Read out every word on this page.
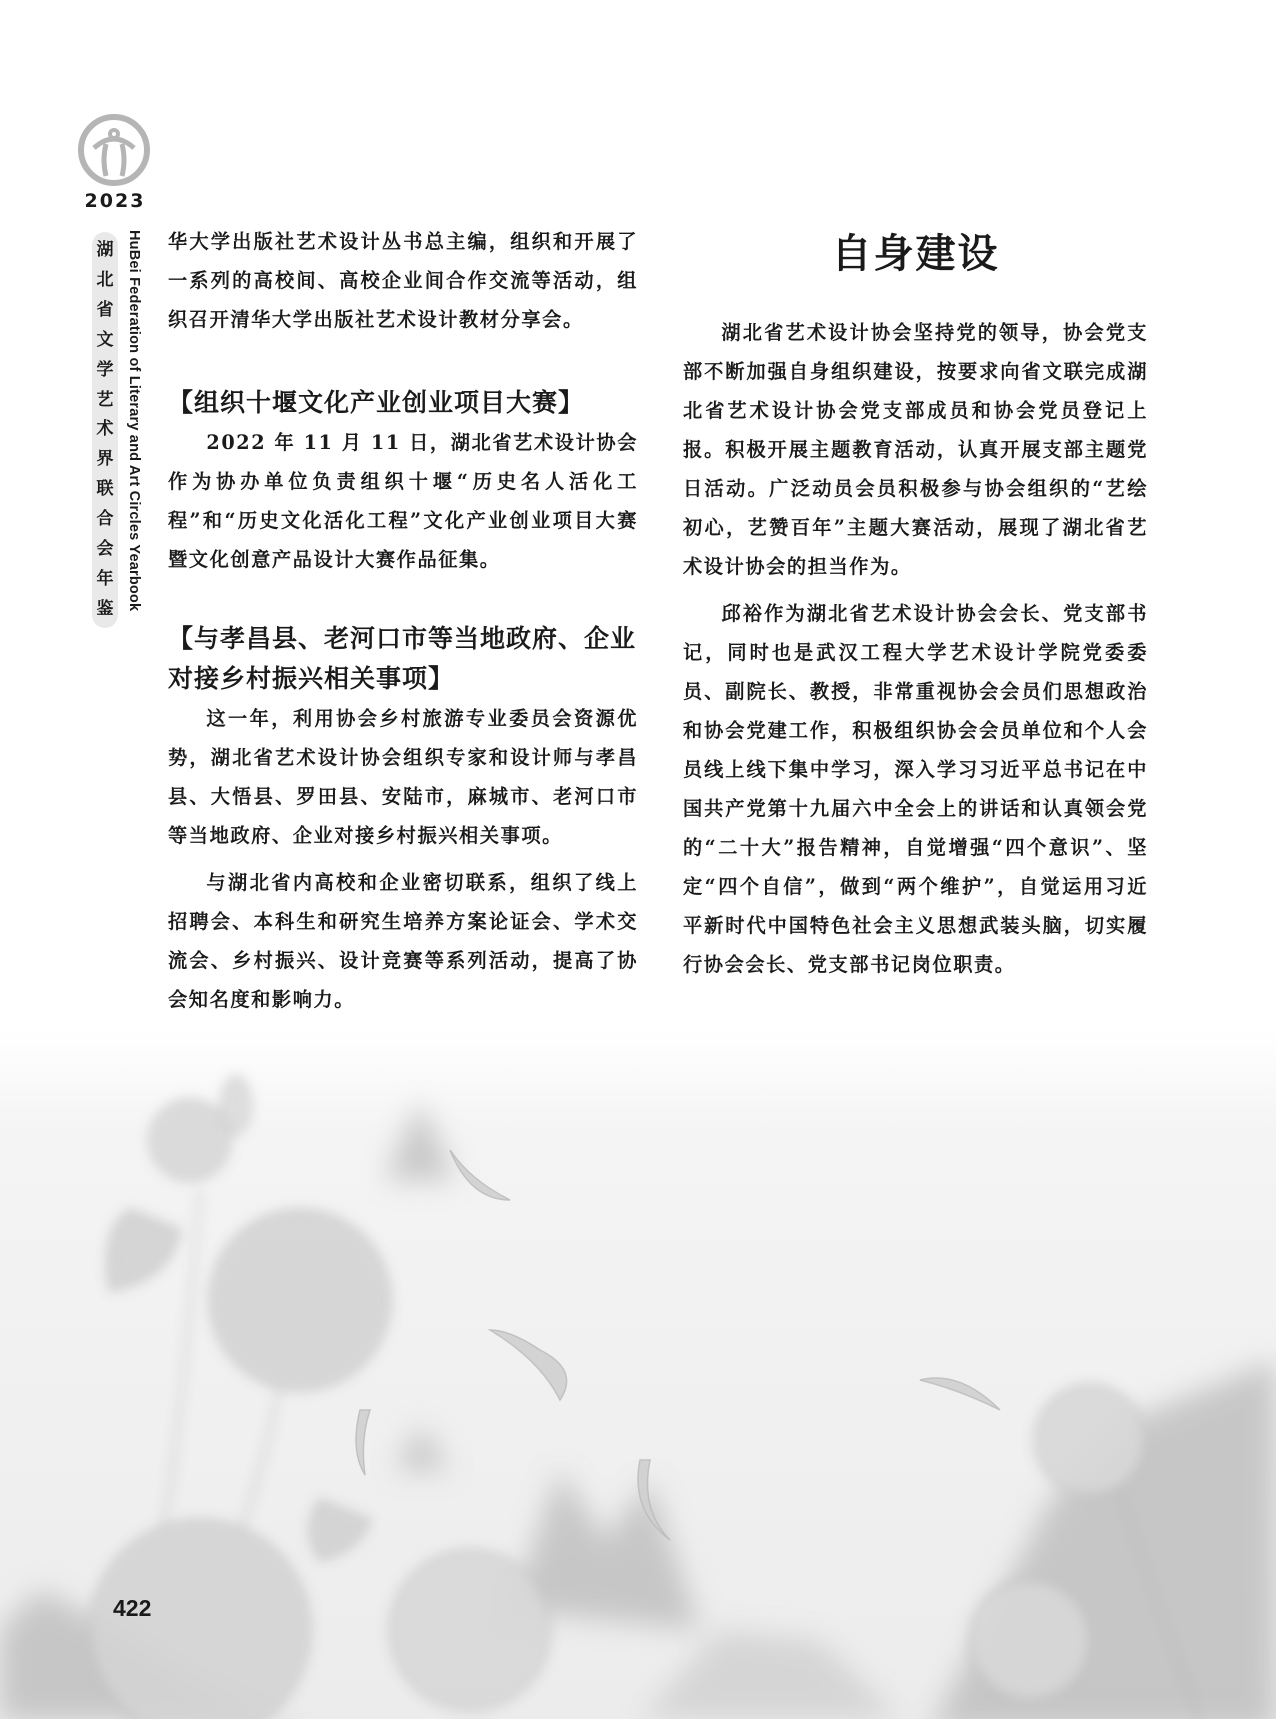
2023
湖
北
省
文
学
艺
术
界
联
合
会
年
鉴 HuBei Federation of Literary and Art Circles Yearbook 华大学出版社艺术设计丛书总主编，组织和开展了一系列的高校间、高校企业间合作交流等活动，组织召开清华大学出版社艺术设计教材分享会。

【组织十堰文化产业创业项目大赛】

2022 年 11 月 11 日，湖北省艺术设计协会作为协办单位负责组织十堰“历史名人活化工程”和“历史文化活化工程”文化产业创业项目大赛暨文化创意产品设计大赛作品征集。

【与孝昌县、老河口市等当地政府、企业对接乡村振兴相关事项】

这一年，利用协会乡村旅游专业委员会资源优势，湖北省艺术设计协会组织专家和设计师与孝昌县、大悟县、罗田县、安陆市，麻城市、老河口市等当地政府、企业对接乡村振兴相关事项。

与湖北省内高校和企业密切联系，组织了线上招聘会、本科生和研究生培养方案论证会、学术交流会、乡村振兴、设计竞赛等系列活动，提高了协会知名度和影响力。

自身建设

湖北省艺术设计协会坚持党的领导，协会党支部不断加强自身组织建设，按要求向省文联完成湖北省艺术设计协会党支部成员和协会党员登记上报。积极开展主题教育活动，认真开展支部主题党日活动。广泛动员会员积极参与协会组织的“艺绘初心，艺赞百年”主题大赛活动，展现了湖北省艺术设计协会的担当作为。

邱裕作为湖北省艺术设计协会会长、党支部书记，同时也是武汉工程大学艺术设计学院党委委员、副院长、教授，非常重视协会会员们思想政治和协会党建工作，积极组织协会会员单位和个人会员线上线下集中学习，深入学习习近平总书记在中国共产党第十九届六中全会上的讲话和认真领会党的“二十大”报告精神，自觉增强“四个意识”、坚定“四个自信”，做到“两个维护”，自觉运用习近平新时代中国特色社会主义思想武装头脑，切实履行协会会长、党支部书记岗位职责。

422
